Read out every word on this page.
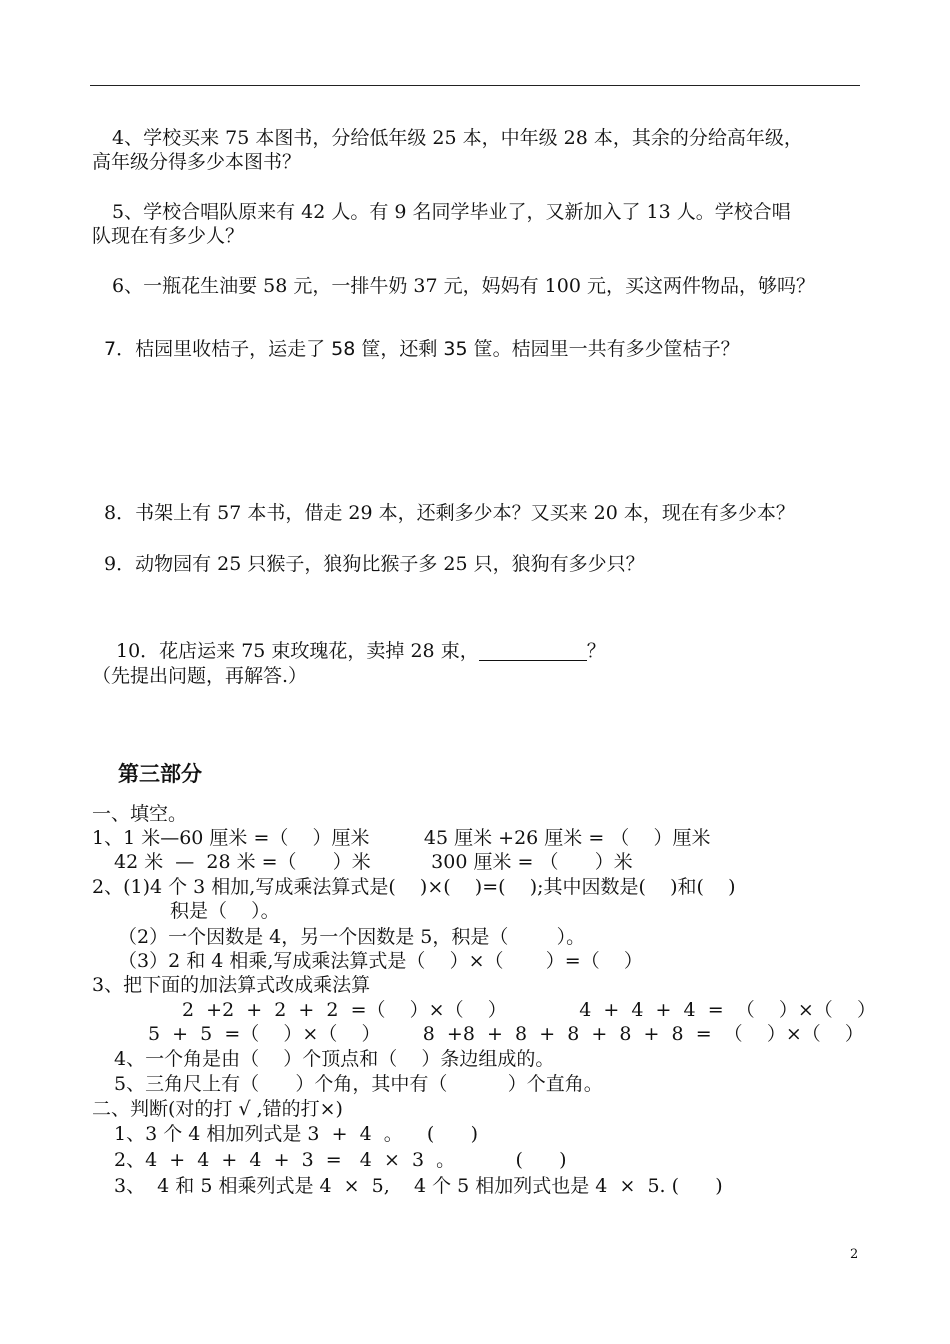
4、学校买来 75 本图书，分给低年级 25 本，中年级 28 本，其余的分给高年级，
高年级分得多少本图书？
5、学校合唱队原来有 42 人。有 9 名同学毕业了，又新加入了 13 人。学校合唱
队现在有多少人？
6、一瓶花生油要 58 元，一排牛奶 37 元，妈妈有 100 元，买这两件物品，够吗？
7．桔园里收桔子，运走了 58 筐，还剩 35 筐。桔园里一共有多少筐桔子？
8．书架上有 57 本书，借走 29 本，还剩多少本？又买来 20 本，现在有多少本？
9．动物园有 25 只猴子，狼狗比猴子多 25 只，狼狗有多少只？
10．花店运来 75 束玫瑰花，卖掉 28 束，	？
（先提出问题，再解答.）
第三部分
一、填空。
1、1 米—60 厘米 =（    ）厘米         45 厘米 +26 厘米 = （    ）厘米
42 米  —  28 米 =（      ）米          300 厘米 = （      ）米
2、(1)4 个 3 相加,写成乘法算式是(    )×(    )=(    );其中因数是(    )和(    )
积是（    ）。
（2）一个因数是 4，另一个因数是 5，积是（        ）。
（3）2 和 4 相乘,写成乘法算式是（    ）×（       ）=（    ）
3、把下面的加法算式改成乘法算
2  +2  +  2  +  2  =（    ）×（    ）            4  +  4  +  4  =  （    ）×（    ）
5  +  5  =（    ）×（    ）       8  +8  +  8  +  8  +  8  +  8  =  （    ）×（    ）
4、一个角是由（    ）个顶点和（    ）条边组成的。
5、三角尺上有（      ）个角，其中有（          ）个直角。
二、判断(对的打 √ ,错的打×)
1、3 个 4 相加列式是 3  +  4  。    (      )
2、4  +  4  +  4  +  3  =   4  ×  3  。          (      )
3、  4 和 5 相乘列式是 4  ×  5,    4 个 5 相加列式也是 4  ×  5. (      )
2
